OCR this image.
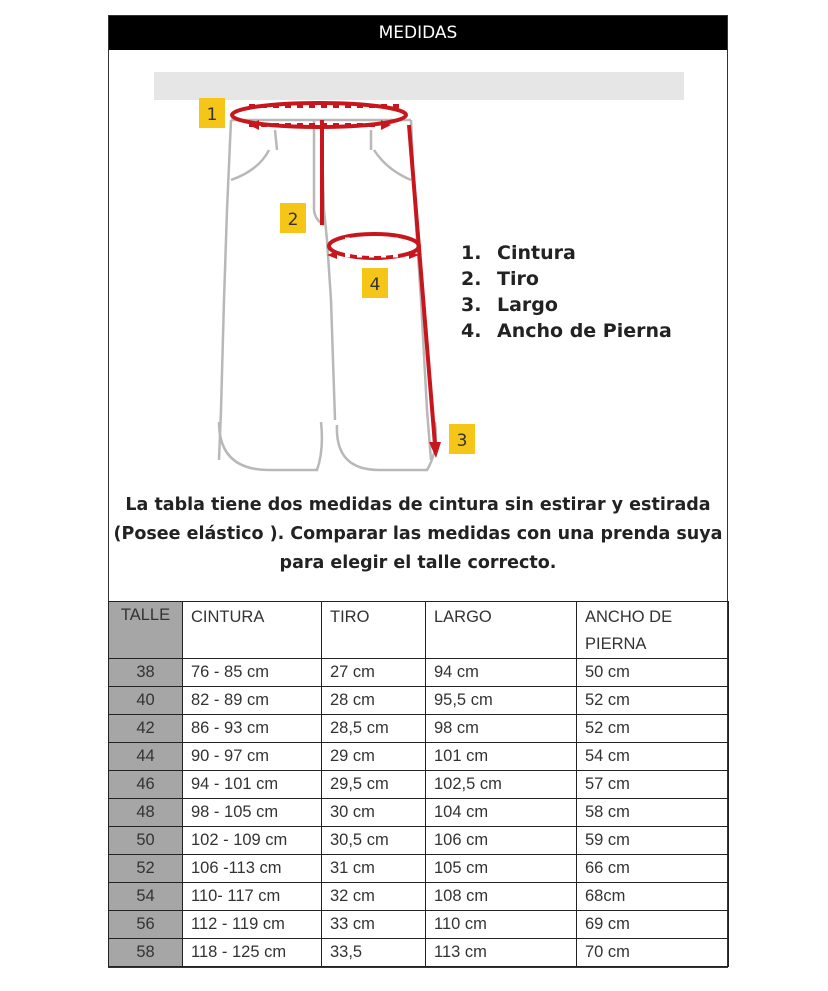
MEDIDAS
1
2
4
3
1. Cintura
2. Tiro
3. Largo
4. Ancho de Pierna
La tabla tiene dos medidas de cintura sin estirar y estirada
(Posee elástico ). Comparar las medidas con una prenda suya
para elegir el talle correcto.
TALLE	CINTURA	TIRO	LARGO	ANCHO DE PIERNA
38	76 - 85 cm	27 cm	94 cm	50 cm
40	82 - 89 cm	28 cm	95,5 cm	52 cm
42	86 - 93 cm	28,5 cm	98 cm	52 cm
44	90 - 97 cm	29 cm	101 cm	54 cm
46	94 - 101 cm	29,5 cm	102,5 cm	57 cm
48	98 - 105 cm	30 cm	104 cm	58 cm
50	102 - 109 cm	30,5 cm	106 cm	59 cm
52	106 -113 cm	31 cm	105 cm	66 cm
54	110- 117 cm	32 cm	108 cm	68cm
56	112 - 119 cm	33 cm	110 cm	69 cm
58	118 - 125 cm	33,5	113 cm	70 cm
